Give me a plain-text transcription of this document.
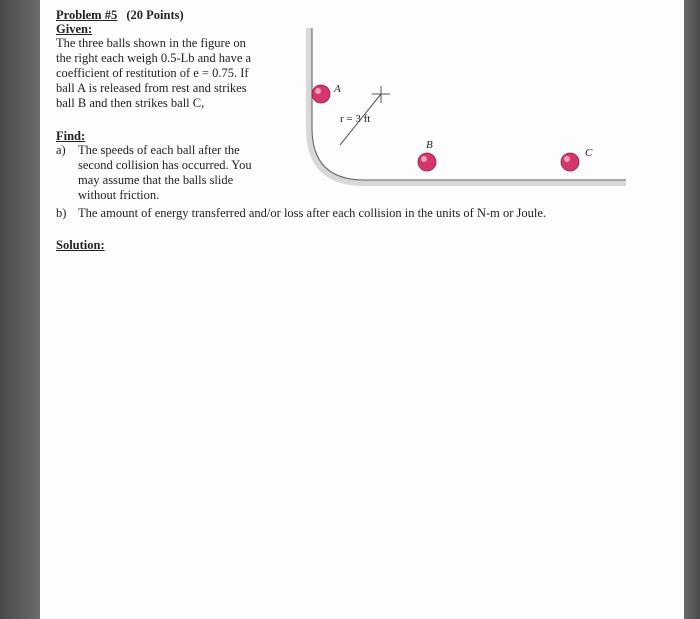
Problem #5 (20 Points)
Given:
The three balls shown in the figure on
the right each weigh 0.5-Lb and have a
coefficient of restitution of e = 0.75. If
ball A is released from rest and strikes
ball B and then strikes ball C,
Find:
a) The speeds of each ball after the
second collision has occurred. You
may assume that the balls slide
without friction.
b) The amount of energy transferred and/or loss after each collision in the units of N-m or Joule.
Solution:
A
B
C
r = 3 ft
